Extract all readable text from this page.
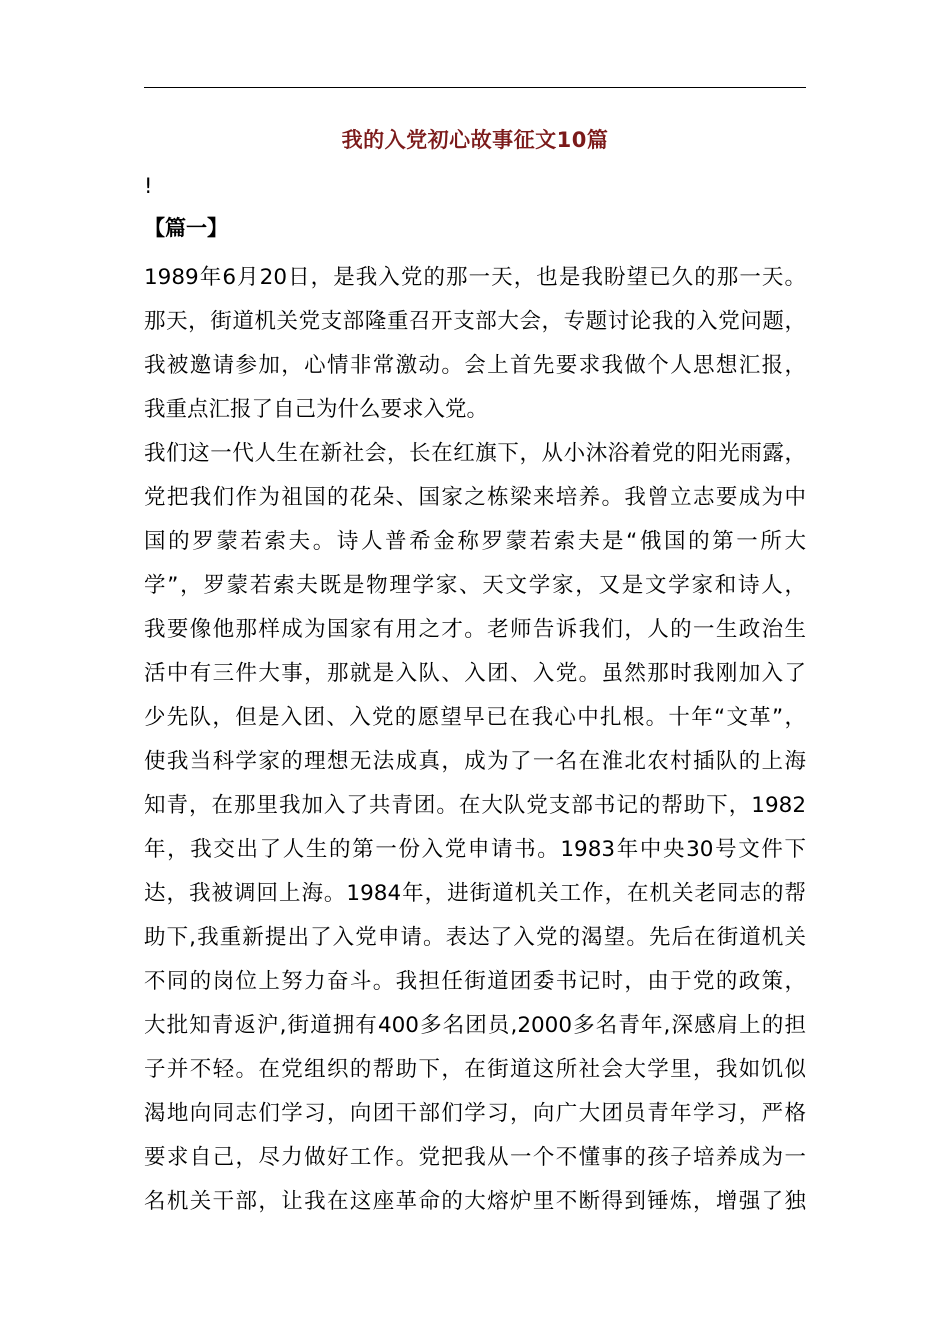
我的入党初心故事征文10篇
!
【篇一】
1989年6月20日，是我入党的那一天，也是我盼望已久的那一天。
那天，街道机关党支部隆重召开支部大会，专题讨论我的入党问题，
我被邀请参加，心情非常激动。会上首先要求我做个人思想汇报，
我重点汇报了自己为什么要求入党。
我们这一代人生在新社会，长在红旗下，从小沐浴着党的阳光雨露，
党把我们作为祖国的花朵、国家之栋梁来培养。我曾立志要成为中
国的罗蒙若索夫。诗人普希金称罗蒙若索夫是“俄国的第一所大
学”，罗蒙若索夫既是物理学家、天文学家，又是文学家和诗人，
我要像他那样成为国家有用之才。老师告诉我们，人的一生政治生
活中有三件大事，那就是入队、入团、入党。虽然那时我刚加入了
少先队，但是入团、入党的愿望早已在我心中扎根。十年“文革”，
使我当科学家的理想无法成真，成为了一名在淮北农村插队的上海
知青，在那里我加入了共青团。在大队党支部书记的帮助下，1982
年，我交出了人生的第一份入党申请书。1983年中央30号文件下
达，我被调回上海。1984年，进街道机关工作，在机关老同志的帮
助下,我重新提出了入党申请。表达了入党的渴望。先后在街道机关
不同的岗位上努力奋斗。我担任街道团委书记时，由于党的政策，
大批知青返沪,街道拥有400多名团员,2000多名青年,深感肩上的担
子并不轻。在党组织的帮助下，在街道这所社会大学里，我如饥似
渴地向同志们学习，向团干部们学习，向广大团员青年学习，严格
要求自己，尽力做好工作。党把我从一个不懂事的孩子培养成为一
名机关干部，让我在这座革命的大熔炉里不断得到锤炼，增强了独
